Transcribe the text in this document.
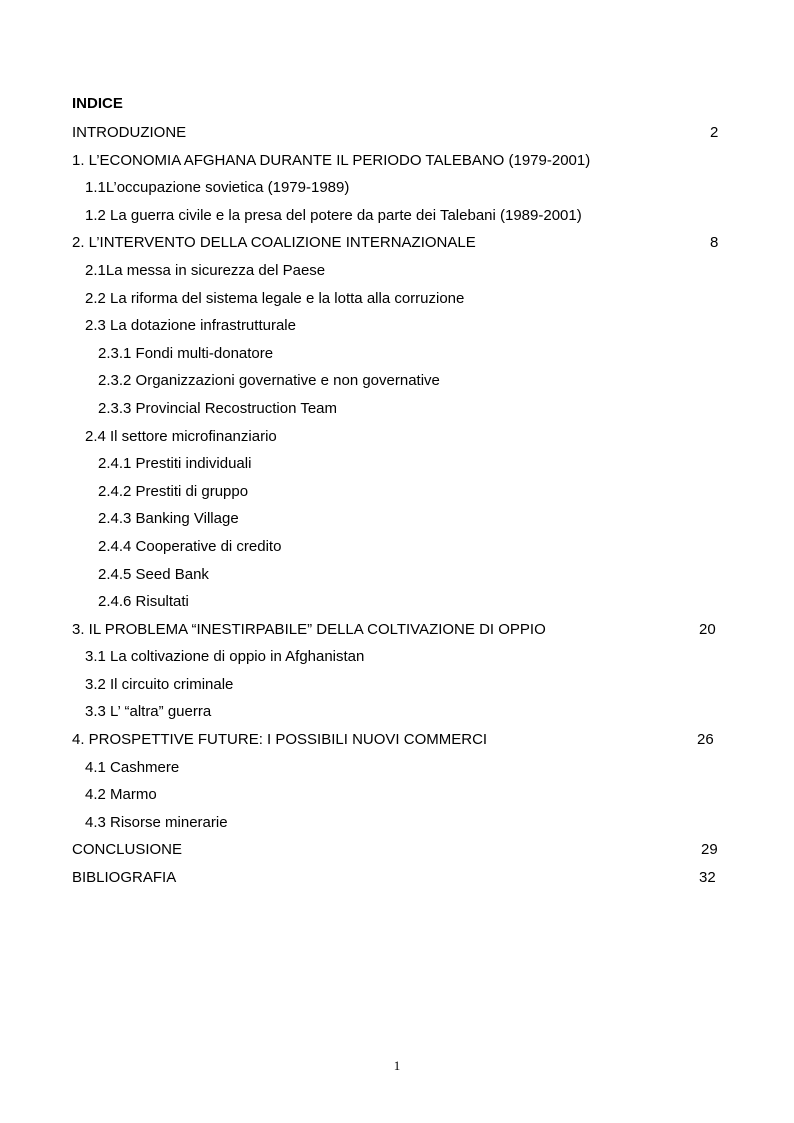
INDICE
INTRODUZIONE	2
1. L’ECONOMIA AFGHANA DURANTE IL PERIODO TALEBANO (1979-2001)
1.1L’occupazione sovietica (1979-1989)
1.2 La guerra civile e la presa del potere da parte dei Talebani (1989-2001)
2. L’INTERVENTO DELLA COALIZIONE INTERNAZIONALE	8
2.1La messa in sicurezza del Paese
2.2 La riforma del sistema legale e la lotta alla corruzione
2.3 La dotazione infrastrutturale
2.3.1 Fondi multi-donatore
2.3.2 Organizzazioni governative e non governative
2.3.3 Provincial Recostruction Team
2.4 Il settore microfinanziario
2.4.1 Prestiti individuali
2.4.2 Prestiti di gruppo
2.4.3 Banking Village
2.4.4 Cooperative di credito
2.4.5 Seed Bank
2.4.6 Risultati
3. IL PROBLEMA “INESTIRPABILE” DELLA COLTIVAZIONE DI OPPIO	20
3.1 La coltivazione di oppio in Afghanistan
3.2 Il circuito criminale
3.3 L’ “altra” guerra
4. PROSPETTIVE FUTURE: I POSSIBILI NUOVI COMMERCI	26
4.1 Cashmere
4.2 Marmo
4.3 Risorse minerarie
CONCLUSIONE	29
BIBLIOGRAFIA	32
1
